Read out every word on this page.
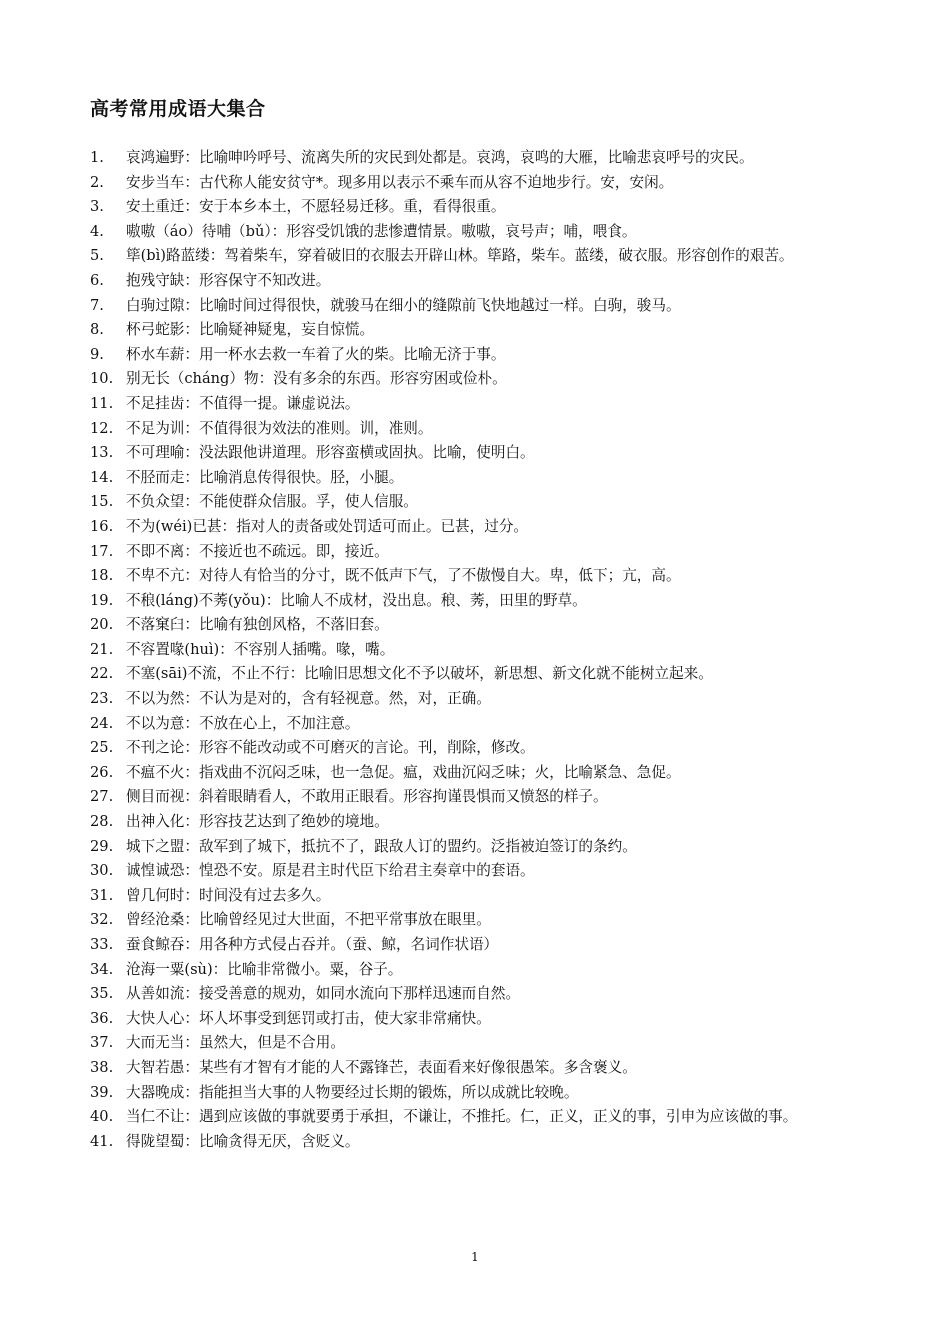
高考常用成语大集合
1. 哀鸿遍野：比喻呻吟呼号、流离失所的灾民到处都是。哀鸿，哀鸣的大雁，比喻悲哀呼号的灾民。
2. 安步当车：古代称人能安贫守*。现多用以表示不乘车而从容不迫地步行。安，安闲。
3. 安土重迁：安于本乡本土，不愿轻易迁移。重，看得很重。
4. 嗷嗷（áo）待哺（bǔ）：形容受饥饿的悲惨遭情景。嗷嗷，哀号声；哺，喂食。
5. 筚(bì)路蓝缕：驾着柴车，穿着破旧的衣服去开辟山林。筚路，柴车。蓝缕，破衣服。形容创作的艰苦。
6. 抱残守缺：形容保守不知改进。
7. 白驹过隙：比喻时间过得很快，就骏马在细小的缝隙前飞快地越过一样。白驹，骏马。
8. 杯弓蛇影：比喻疑神疑鬼，妄自惊慌。
9. 杯水车薪：用一杯水去救一车着了火的柴。比喻无济于事。
10. 别无长（cháng）物：没有多余的东西。形容穷困或俭朴。
11. 不足挂齿：不值得一提。谦虚说法。
12. 不足为训：不值得很为效法的准则。训，准则。
13. 不可理喻：没法跟他讲道理。形容蛮横或固执。比喻，使明白。
14. 不胫而走：比喻消息传得很快。胫，小腿。
15. 不负众望：不能使群众信服。孚，使人信服。
16. 不为(wéi)已甚：指对人的责备或处罚适可而止。已甚，过分。
17. 不即不离：不接近也不疏远。即，接近。
18. 不卑不亢：对待人有恰当的分寸，既不低声下气，了不傲慢自大。卑，低下；亢，高。
19. 不稂(láng)不莠(yǒu)：比喻人不成材，没出息。稂、莠，田里的野草。
20. 不落窠臼：比喻有独创风格，不落旧套。
21. 不容置喙(huì)：不容别人插嘴。喙，嘴。
22. 不塞(sāi)不流，不止不行：比喻旧思想文化不予以破坏，新思想、新文化就不能树立起来。
23. 不以为然：不认为是对的，含有轻视意。然，对，正确。
24. 不以为意：不放在心上，不加注意。
25. 不刊之论：形容不能改动或不可磨灭的言论。刊，削除，修改。
26. 不瘟不火：指戏曲不沉闷乏味，也一急促。瘟，戏曲沉闷乏味；火，比喻紧急、急促。
27. 侧目而视：斜着眼睛看人，不敢用正眼看。形容拘谨畏惧而又愤怒的样子。
28. 出神入化：形容技艺达到了绝妙的境地。
29. 城下之盟：敌军到了城下，抵抗不了，跟敌人订的盟约。泛指被迫签订的条约。
30. 诚惶诚恐：惶恐不安。原是君主时代臣下给君主奏章中的套语。
31. 曾几何时：时间没有过去多久。
32. 曾经沧桑：比喻曾经见过大世面，不把平常事放在眼里。
33. 蚕食鲸吞：用各种方式侵占吞并。（蚕、鲸，名词作状语）
34. 沧海一粟(sù)：比喻非常微小。粟，谷子。
35. 从善如流：接受善意的规劝，如同水流向下那样迅速而自然。
36. 大快人心：坏人坏事受到惩罚或打击，使大家非常痛快。
37. 大而无当：虽然大，但是不合用。
38. 大智若愚：某些有才智有才能的人不露锋芒，表面看来好像很愚笨。多含褒义。
39. 大器晚成：指能担当大事的人物要经过长期的锻炼，所以成就比较晚。
40. 当仁不让：遇到应该做的事就要勇于承担，不谦让，不推托。仁，正义，正义的事，引申为应该做的事。
41. 得陇望蜀：比喻贪得无厌，含贬义。
1
